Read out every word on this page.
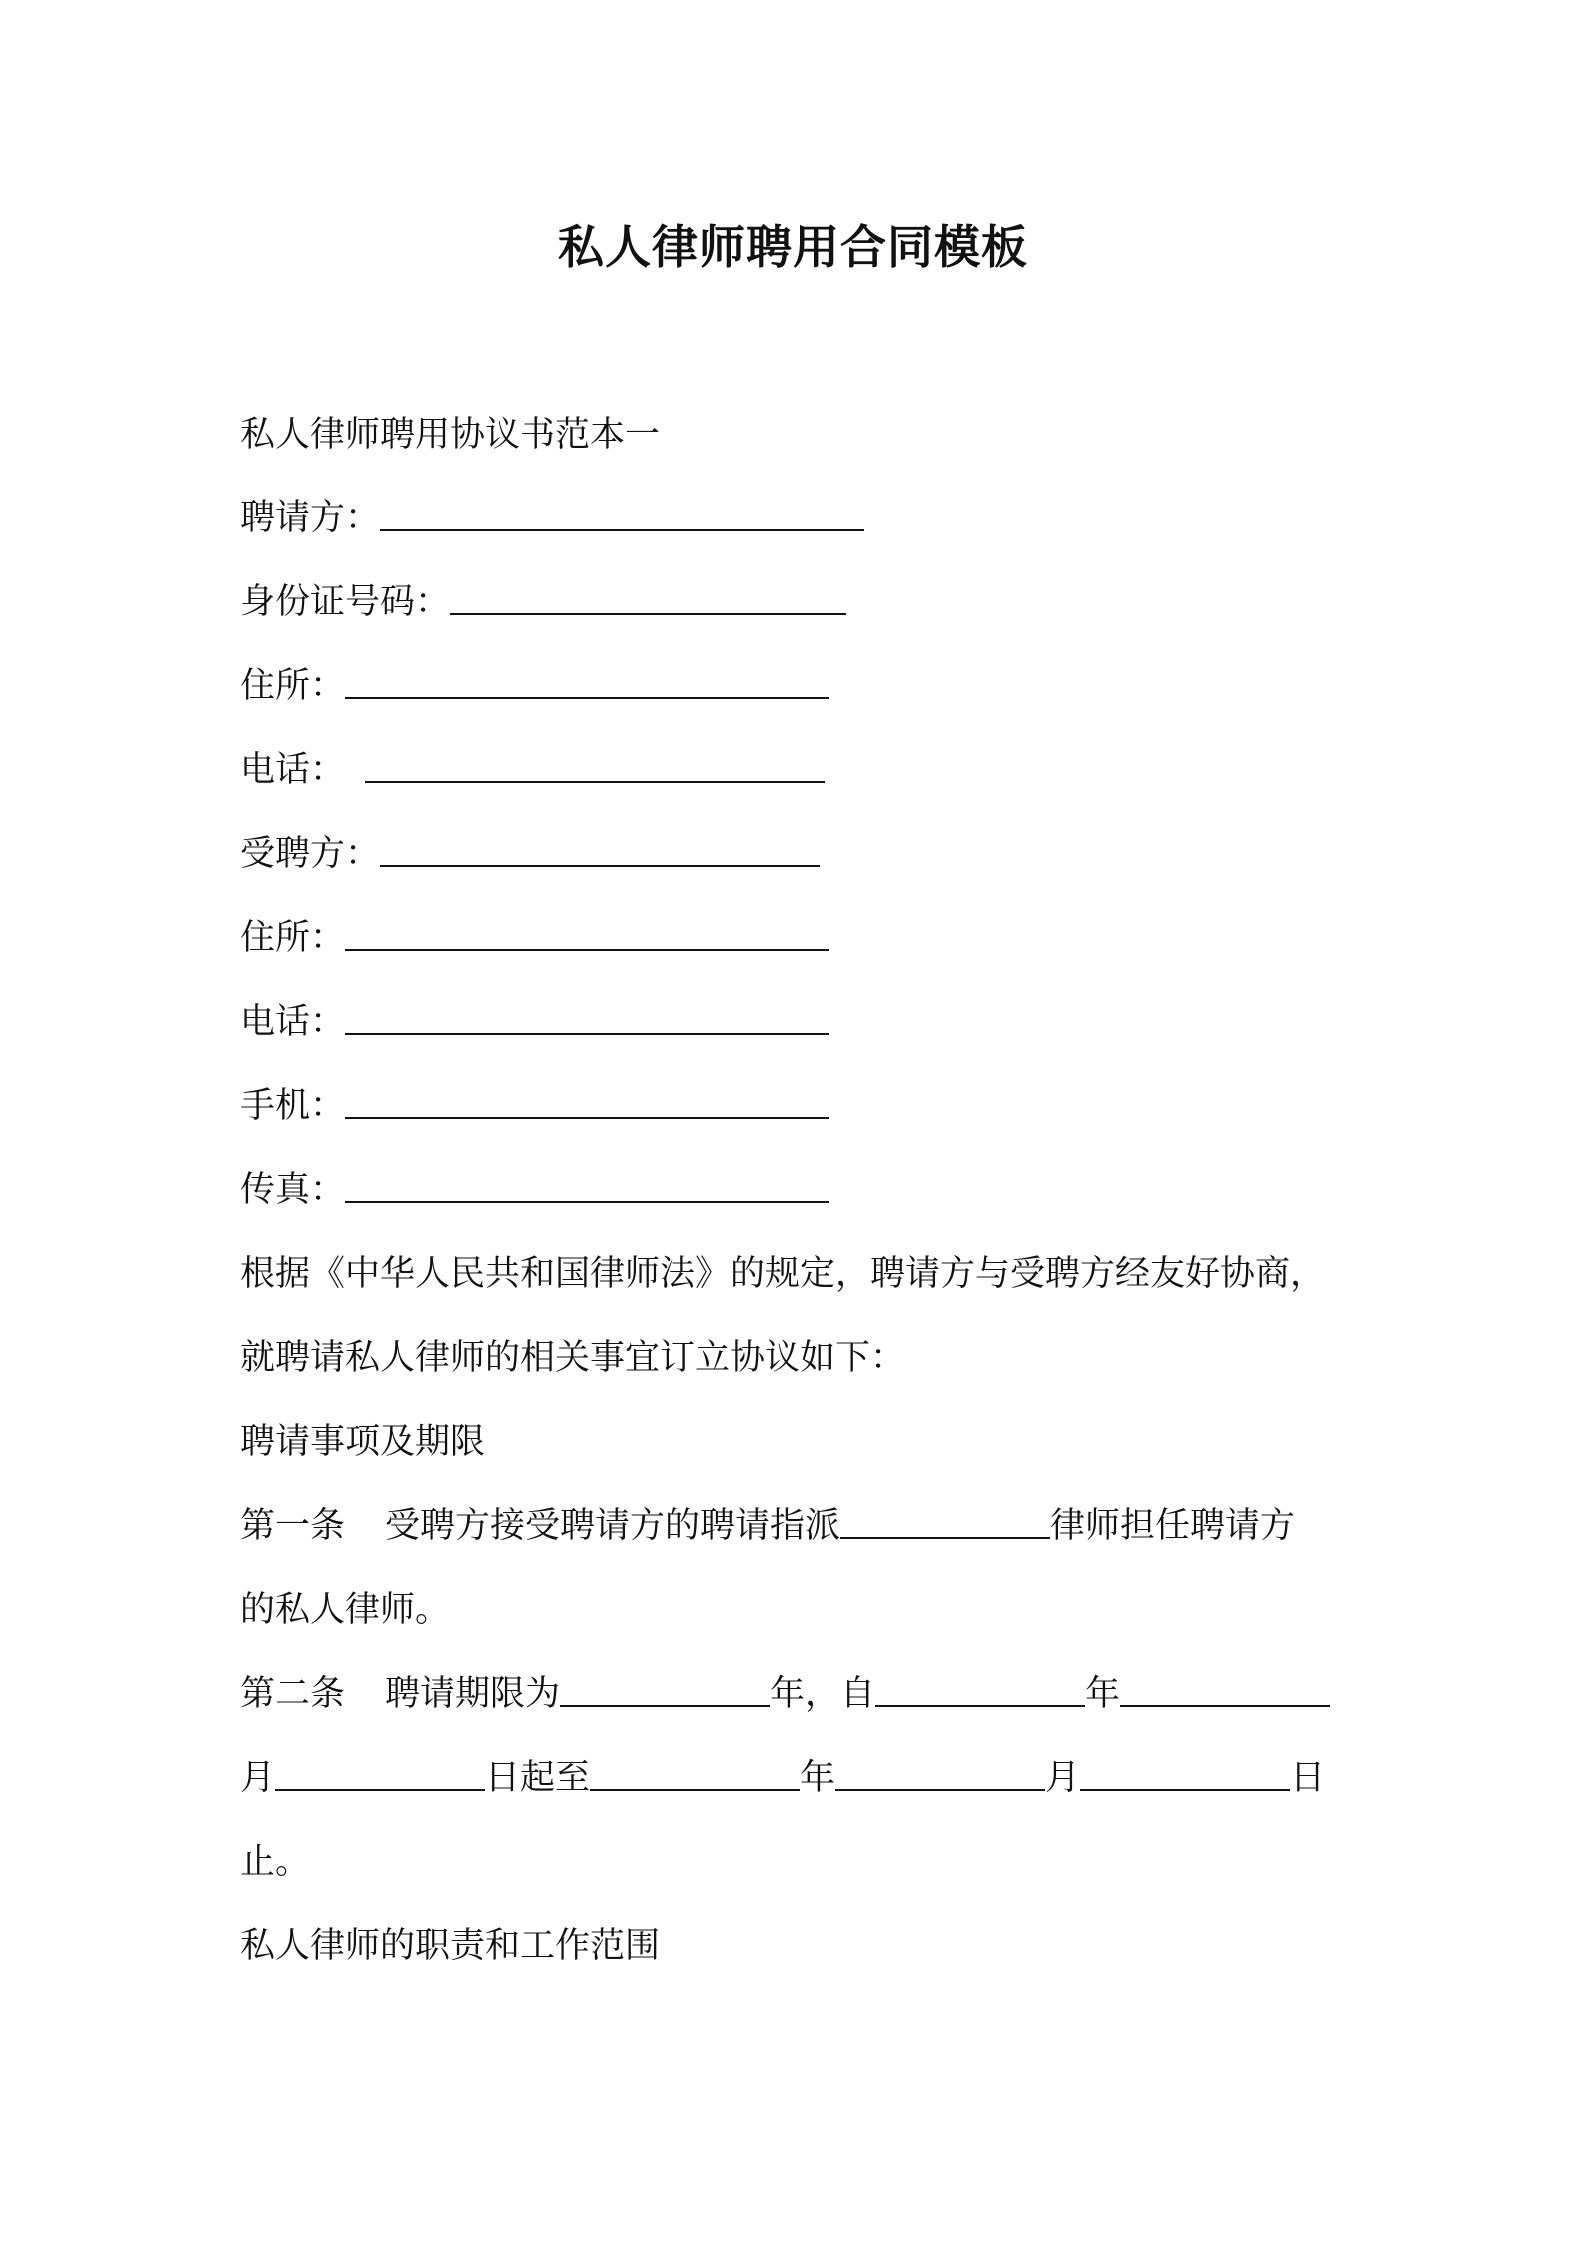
私人律师聘用合同模板
私人律师聘用协议书范本一
聘请方：
身份证号码：
住所：
电话：
受聘方：
住所：
电话：
手机：
传真：
根据《中华人民共和国律师法》的规定，聘请方与受聘方经友好协商，
就聘请私人律师的相关事宜订立协议如下：
聘请事项及期限
第一条 受聘方接受聘请方的聘请指派	律师担任聘请方
的私人律师。
第二条 聘请期限为	年，自	年
月	日起至	年	月	日
止。
私人律师的职责和工作范围
